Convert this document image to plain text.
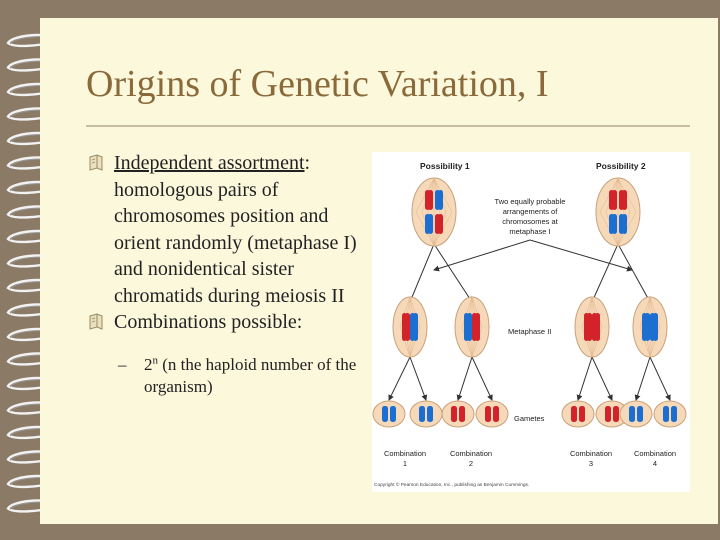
Origins of Genetic Variation, I

Independent assortment: homologous pairs of chromosomes position and orient randomly (metaphase I) and nonidentical sister chromatids during meiosis II

Combinations possible:

– 2$^n$ (n the haploid number of the organism)
Possibility 1	Possibility 2
Two equally probable
arrangements of
chromosomes at
metaphase I
Metaphase II
Gametes
Combination
1
Combination
2
Combination
3
Combination
4
Copyright © Pearson Education, Inc., publishing as Benjamin Cummings.
